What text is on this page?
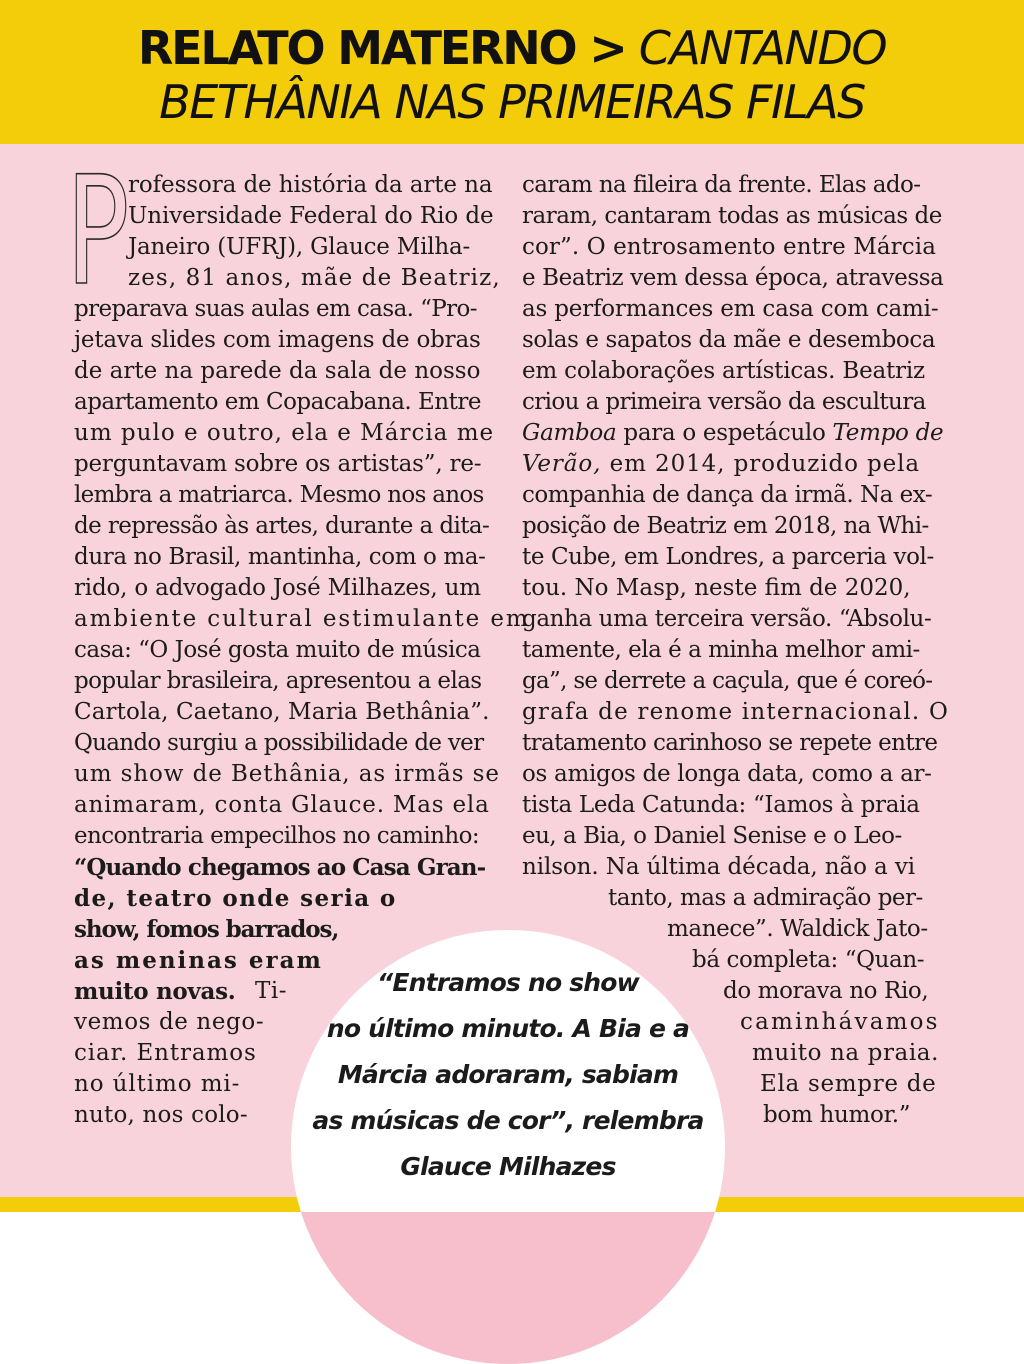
RELATO MATERNO > CANTANDO
BETHÂNIA NAS PRIMEIRAS FILAS
P
rofessora de história da arte na
Universidade Federal do Rio de
Janeiro (UFRJ), Glauce Milha-
zes, 81 anos, mãe de Beatriz,
preparava suas aulas em casa. “Pro-
jetava slides com imagens de obras
de arte na parede da sala de nosso
apartamento em Copacabana. Entre
um pulo e outro, ela e Márcia me
perguntavam sobre os artistas”, re-
lembra a matriarca. Mesmo nos anos
de repressão às artes, durante a dita-
dura no Brasil, mantinha, com o ma-
rido, o advogado José Milhazes, um
ambiente cultural estimulante em
casa: “O José gosta muito de música
popular brasileira, apresentou a elas
Cartola, Caetano, Maria Bethânia”.
Quando surgiu a possibilidade de ver
um show de Bethânia, as irmãs se
animaram, conta Glauce. Mas ela
encontraria empecilhos no caminho:
“Quando chegamos ao Casa Gran-
de, teatro onde seria o
show, fomos barrados,
as meninas eram
muito novas. Ti-
vemos de nego-
ciar. Entramos
no último mi-
nuto, nos colo-
caram na fileira da frente. Elas ado-
raram, cantaram todas as músicas de
cor”. O entrosamento entre Márcia
e Beatriz vem dessa época, atravessa
as performances em casa com cami-
solas e sapatos da mãe e desemboca
em colaborações artísticas. Beatriz
criou a primeira versão da escultura
Gamboa para o espetáculo Tempo de
Verão, em 2014, produzido pela
companhia de dança da irmã. Na ex-
posição de Beatriz em 2018, na Whi-
te Cube, em Londres, a parceria vol-
tou. No Masp, neste fim de 2020,
ganha uma terceira versão. “Absolu-
tamente, ela é a minha melhor ami-
ga”, se derrete a caçula, que é coreó-
grafa de renome internacional. O
tratamento carinhoso se repete entre
os amigos de longa data, como a ar-
tista Leda Catunda: “Iamos à praia
eu, a Bia, o Daniel Senise e o Leo-
nilson. Na última década, não a vi
tanto, mas a admiração per-
manece”. Waldick Jato-
bá completa: “Quan-
do morava no Rio,
caminhávamos
muito na praia.
Ela sempre de
bom humor.”
“Entramos no show
no último minuto. A Bia e a
Márcia adoraram, sabiam
as músicas de cor”, relembra
Glauce Milhazes
